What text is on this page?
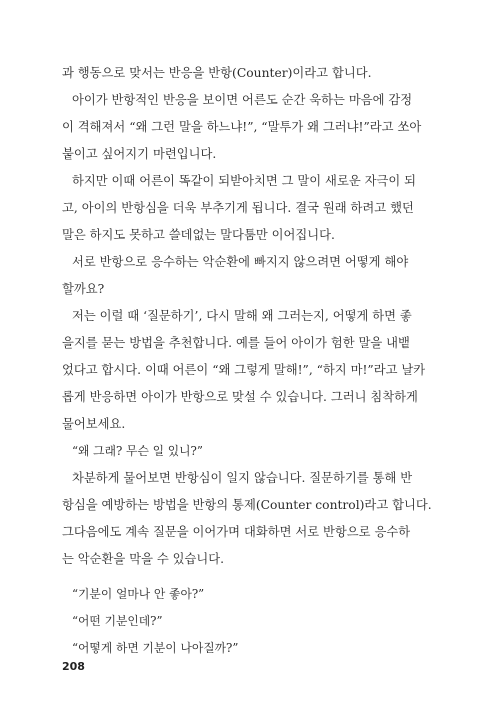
과 행동으로 맞서는 반응을 반항(Counter)이라고 합니다.
아이가 반항적인 반응을 보이면 어른도 순간 욱하는 마음에 감정
이 격해져서 “왜 그런 말을 하느냐!”, “말투가 왜 그러냐!”라고 쏘아
붙이고 싶어지기 마련입니다.
하지만 이때 어른이 똑같이 되받아치면 그 말이 새로운 자극이 되
고, 아이의 반항심을 더욱 부추기게 됩니다. 결국 원래 하려고 했던
말은 하지도 못하고 쓸데없는 말다툼만 이어집니다.
서로 반항으로 응수하는 악순환에 빠지지 않으려면 어떻게 해야
할까요?
저는 이럴 때 ‘질문하기’, 다시 말해 왜 그러는지, 어떻게 하면 좋
을지를 묻는 방법을 추천합니다. 예를 들어 아이가 험한 말을 내뱉
었다고 합시다. 이때 어른이 “왜 그렇게 말해!”, “하지 마!”라고 날카
롭게 반응하면 아이가 반항으로 맞설 수 있습니다. 그러니 침착하게
물어보세요.
“왜 그래? 무슨 일 있니?”
차분하게 물어보면 반항심이 일지 않습니다. 질문하기를 통해 반
항심을 예방하는 방법을 반항의 통제(Counter control)라고 합니다.
그다음에도 계속 질문을 이어가며 대화하면 서로 반항으로 응수하
는 악순환을 막을 수 있습니다.
“기분이 얼마나 안 좋아?”
“어떤 기분인데?”
“어떻게 하면 기분이 나아질까?”
208
